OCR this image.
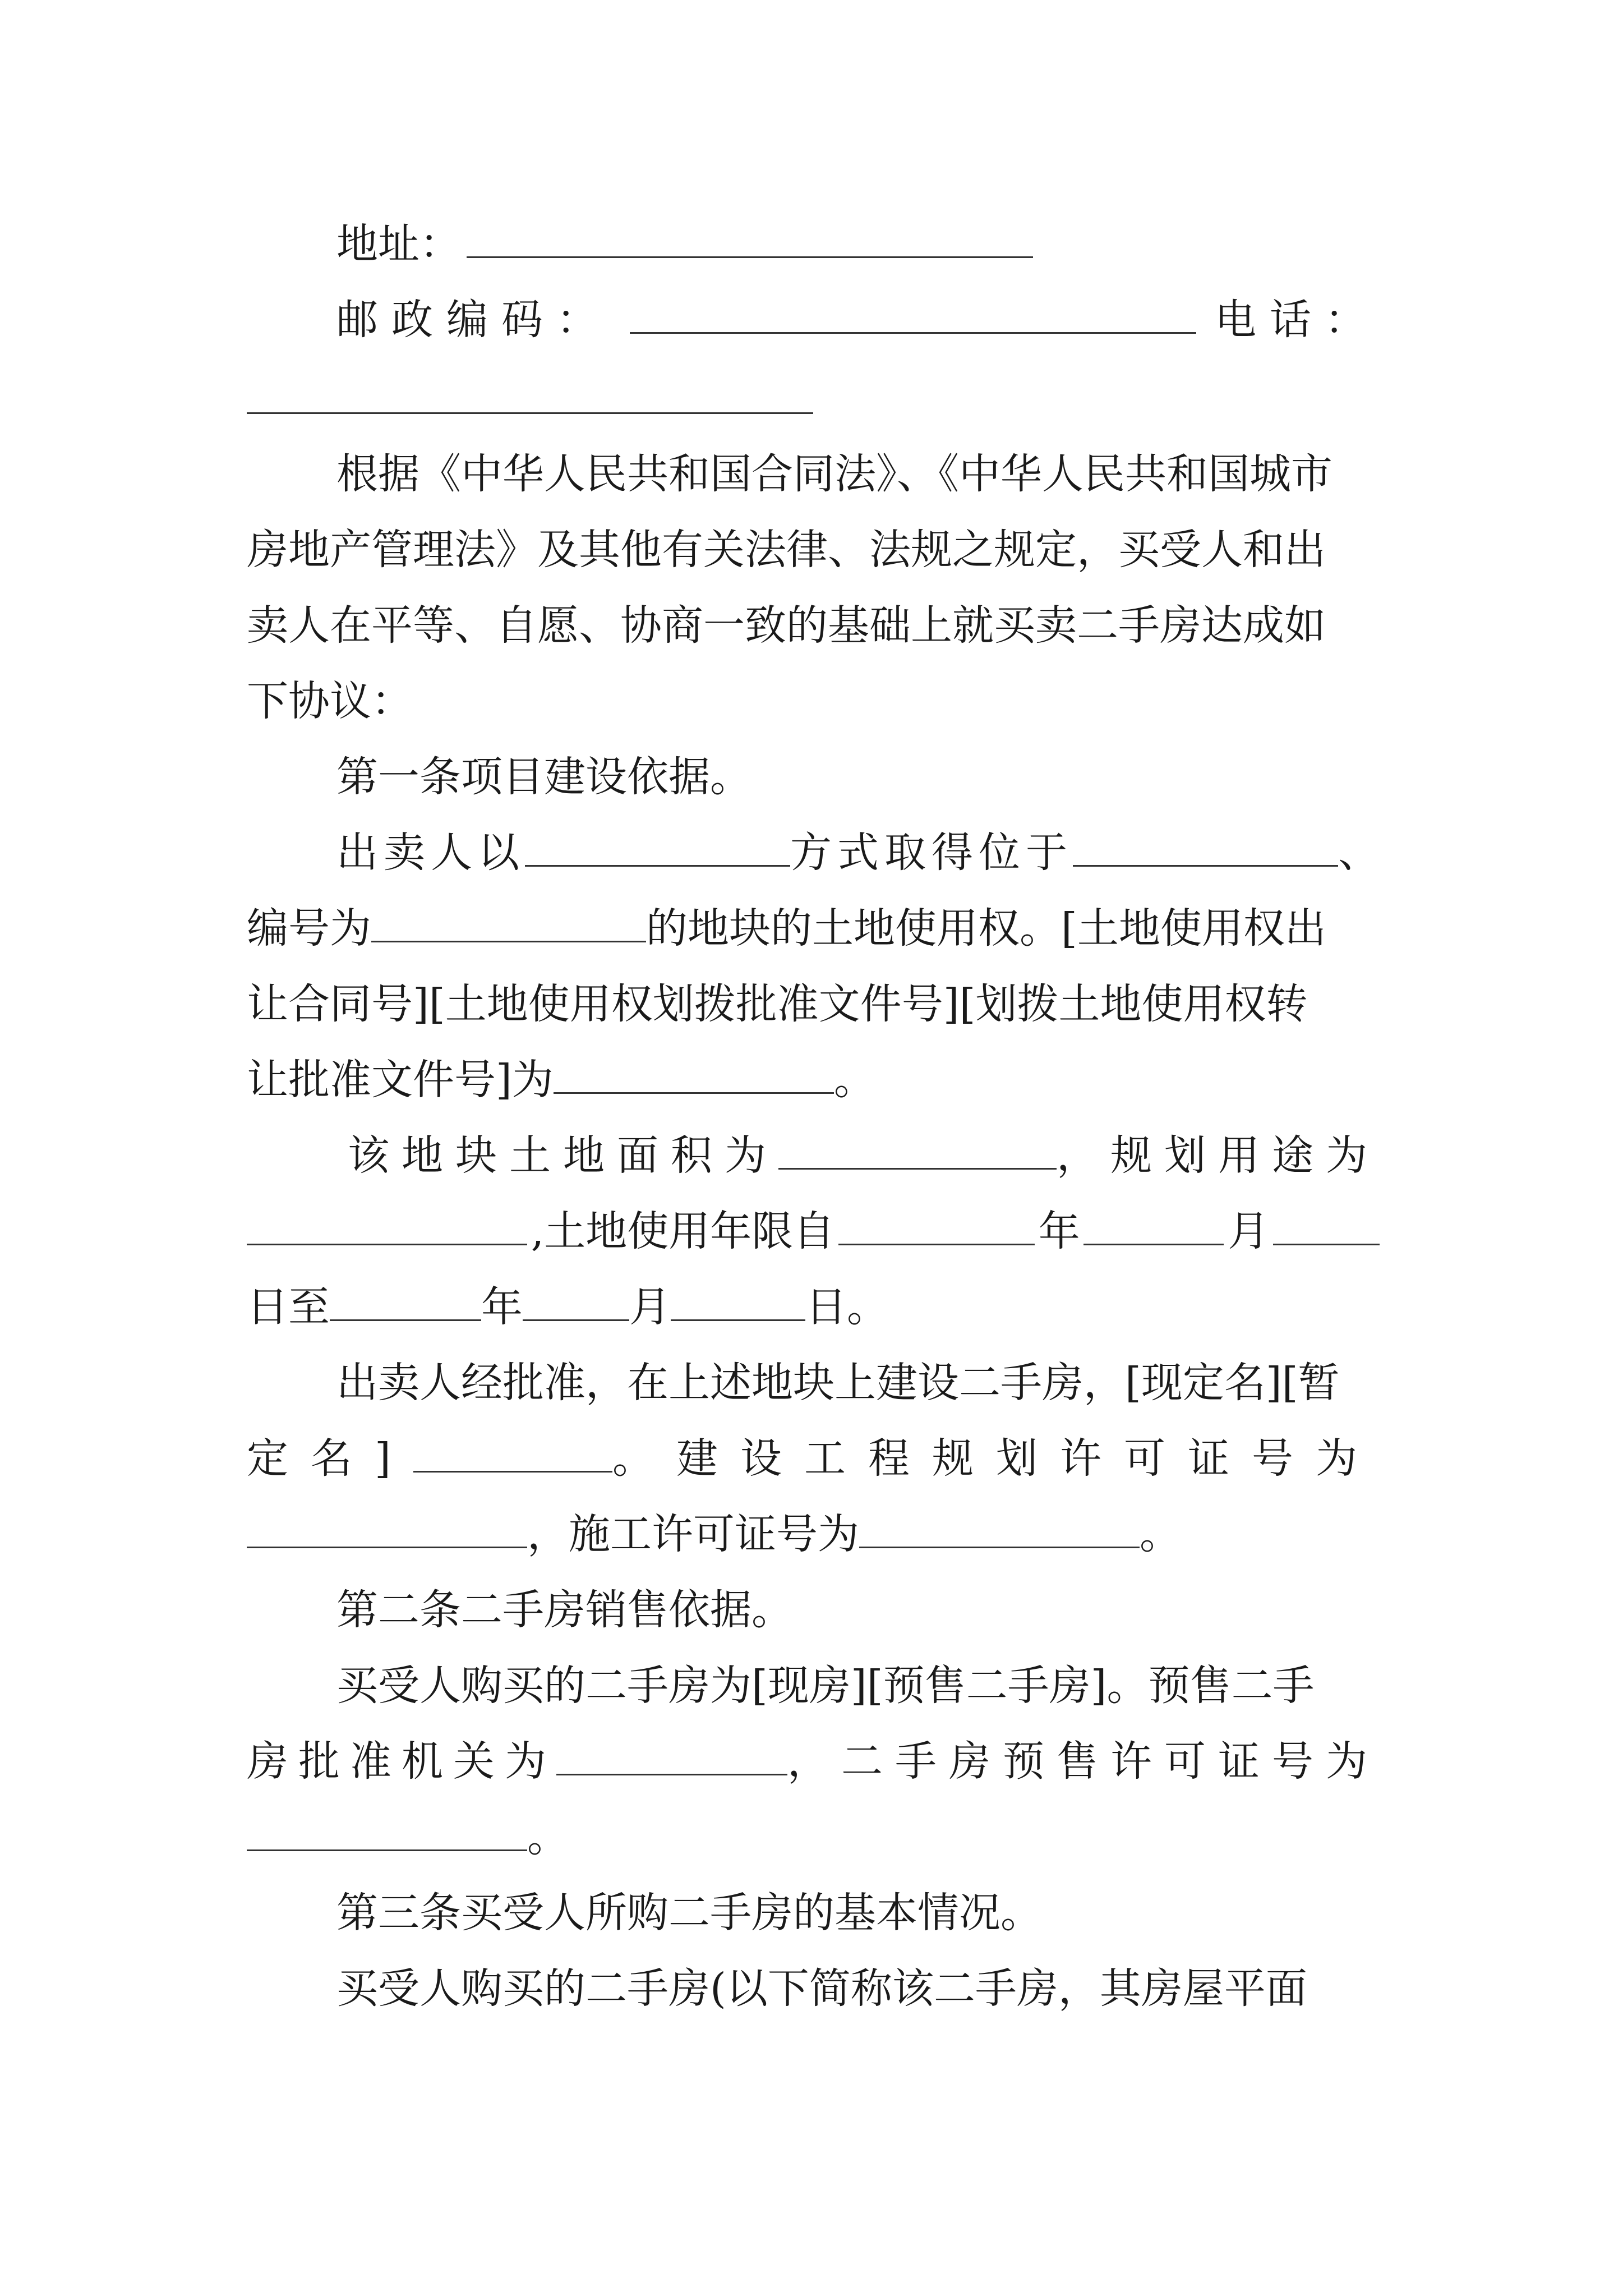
地址：
邮政编码：	电话：
根据《中华人民共和国合同法》、《中华人民共和国城市
房地产管理法》及其他有关法律、法规之规定，买受人和出
卖人在平等、自愿、协商一致的基础上就买卖二手房达成如
下协议：
第一条项目建设依据。
出卖人以	方式取得位于	、
编号为	的地块的土地使用权。[土地使用权出
让合同号][土地使用权划拨批准文件号][划拨土地使用权转
让批准文件号]为	。
该地块土地面积为	，规划用途为
,土地使用年限自	年	月
日至	年	月	日。
出卖人经批准，在上述地块上建设二手房，[现定名][暂
定名]	。建设工程规划许可证号为
，施工许可证号为	。
第二条二手房销售依据。
买受人购买的二手房为[现房][预售二手房]。预售二手
房批准机关为	，二手房预售许可证号为
。
第三条买受人所购二手房的基本情况。
买受人购买的二手房(以下简称该二手房，其房屋平面
